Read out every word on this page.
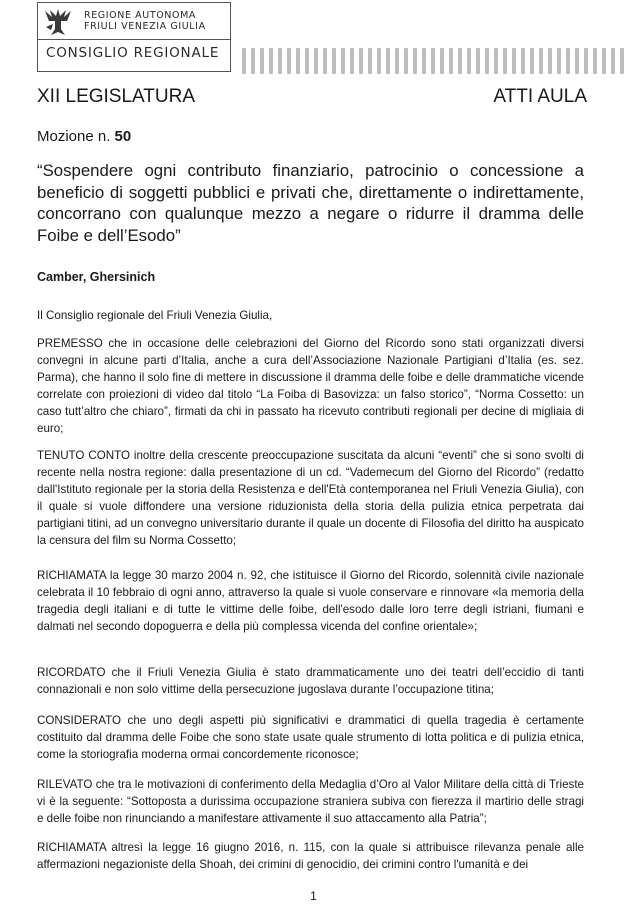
REGIONE AUTONOMA
FRIULI VENEZIA GIULIA
CONSIGLIO REGIONALE
XII LEGISLATURA	ATTI AULA
Mozione n. 50
“Sospendere ogni contributo finanziario, patrocinio o concessione a beneficio di soggetti pubblici e privati che, direttamente o indirettamente, concorrano con qualunque mezzo a negare o ridurre il dramma delle Foibe e dell’Esodo”
Camber, Ghersinich
Il Consiglio regionale del Friuli Venezia Giulia,
PREMESSO che in occasione delle celebrazioni del Giorno del Ricordo sono stati organizzati diversi convegni in alcune parti d’Italia, anche a cura dell’Associazione Nazionale Partigiani d’Italia (es. sez. Parma), che hanno il solo fine di mettere in discussione il dramma delle foibe e delle drammatiche vicende correlate con proiezioni di video dal titolo “La Foiba di Basovizza: un falso storico”, “Norma Cossetto: un caso tutt’altro che chiaro”, firmati da chi in passato ha ricevuto contributi regionali per decine di migliaia di euro;
TENUTO CONTO inoltre della crescente preoccupazione suscitata da alcuni “eventi” che si sono svolti di recente nella nostra regione: dalla presentazione di un cd. “Vademecum del Giorno del Ricordo” (redatto dall'Istituto regionale per la storia della Resistenza e dell'Età contemporanea nel Friuli Venezia Giulia), con il quale si vuole diffondere una versione riduzionista della storia della pulizia etnica perpetrata dai partigiani titini, ad un convegno universitario durante il quale un docente di Filosofia del diritto ha auspicato la censura del film su Norma Cossetto;
RICHIAMATA la legge 30 marzo 2004 n. 92, che istituisce il Giorno del Ricordo, solennità civile nazionale celebrata il 10 febbraio di ogni anno, attraverso la quale si vuole conservare e rinnovare «la memoria della tragedia degli italiani e di tutte le vittime delle foibe, dell'esodo dalle loro terre degli istriani, fiumani e dalmati nel secondo dopoguerra e della più complessa vicenda del confine orientale»;
RICORDATO che il Friuli Venezia Giulia è stato drammaticamente uno dei teatri dell’eccidio di tanti connazionali e non solo vittime della persecuzione jugoslava durante l’occupazione titina;
CONSIDERATO che uno degli aspetti più significativi e drammatici di quella tragedia è certamente costituito dal dramma delle Foibe che sono state usate quale strumento di lotta politica e di pulizia etnica, come la storiografia moderna ormai concordemente riconosce;
RILEVATO che tra le motivazioni di conferimento della Medaglia d’Oro al Valor Militare della città di Trieste vi è la seguente: “Sottoposta a durissima occupazione straniera subiva con fierezza il martirio delle stragi e delle foibe non rinunciando a manifestare attivamente il suo attaccamento alla Patria”;
RICHIAMATA altresì la legge 16 giugno 2016, n. 115, con la quale si attribuisce rilevanza penale alle affermazioni negazioniste della Shoah, dei crimini di genocidio, dei crimini contro l'umanità e dei
1
